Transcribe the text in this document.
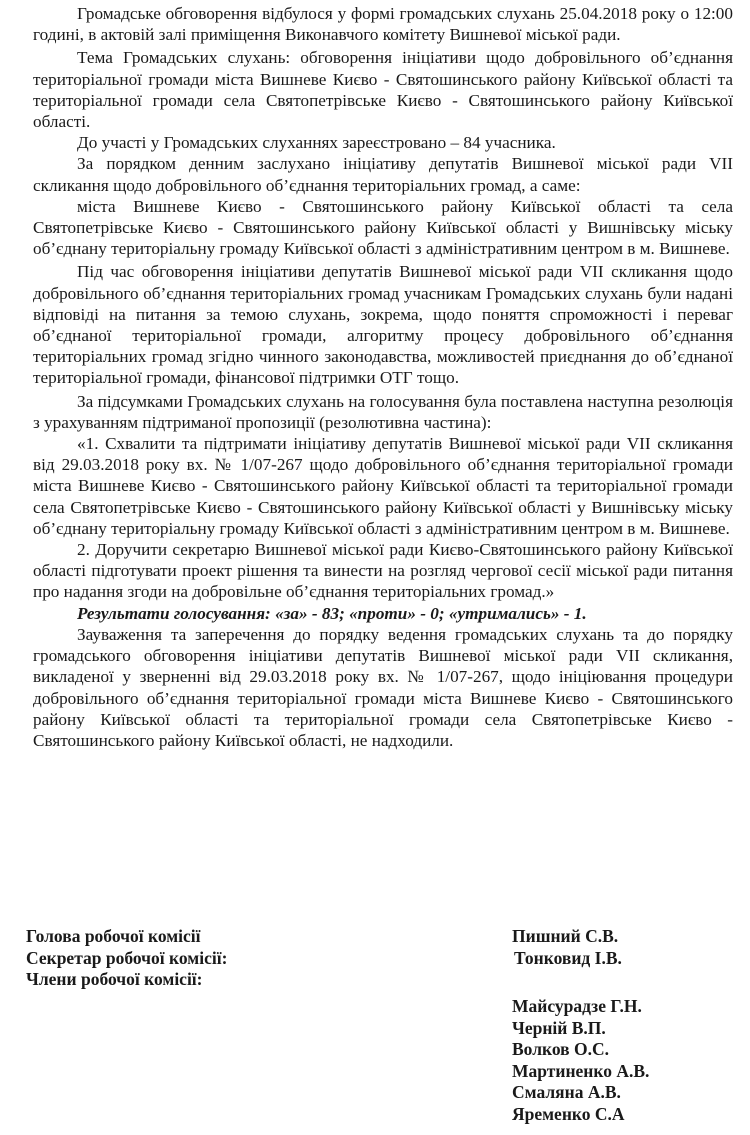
Громадське обговорення відбулося у формі громадських слухань 25.04.2018 року о 12:00 годині, в актовій залі приміщення Виконавчого комітету Вишневої міської ради.

Тема Громадських слухань: обговорення ініціативи щодо добровільного об’єднання територіальної громади міста Вишневе Києво - Святошинського району Київської області та територіальної громади села Святопетрівське Києво - Святошинського району Київської області.

До участі у Громадських слуханнях зареєстровано – 84 учасника.

За порядком денним заслухано ініціативу депутатів Вишневої міської ради VII скликання щодо добровільного об’єднання територіальних громад, а саме:

міста Вишневе Києво - Святошинського району Київської області та села Святопетрівське Києво - Святошинського району Київської області у Вишнівську міську об’єднану територіальну громаду Київської області з адміністративним центром в м. Вишневе.

Під час обговорення ініціативи депутатів Вишневої міської ради VII скликання щодо добровільного об’єднання територіальних громад учасникам Громадських слухань були надані відповіді на питання за темою слухань, зокрема, щодо поняття спроможності і переваг об’єднаної територіальної громади, алгоритму процесу добровільного об’єднання територіальних громад згідно чинного законодавства, можливостей приєднання до об’єднаної територіальної громади, фінансової підтримки ОТГ тощо.

За підсумками Громадських слухань на голосування була поставлена наступна резолюція з урахуванням підтриманої пропозиції (резолютивна частина):

«1. Схвалити та підтримати ініціативу депутатів Вишневої міської ради VII скликання від 29.03.2018 року вх. № 1/07-267 щодо добровільного об’єднання територіальної громади міста Вишневе Києво - Святошинського району Київської області та територіальної громади села Святопетрівське Києво - Святошинського району Київської області у Вишнівську міську об’єднану територіальну громаду Київської області з адміністративним центром в м. Вишневе.

2. Доручити секретарю Вишневої міської ради Києво-Святошинського району Київської області підготувати проект рішення та винести на розгляд чергової сесії міської ради питання про надання згоди на добровільне об’єднання територіальних громад.»

Результати голосування: «за» - 83; «проти» - 0; «утримались» - 1.

Зауваження та заперечення до порядку ведення громадських слухань та до порядку громадського обговорення ініціативи депутатів Вишневої міської ради VII скликання, викладеної у зверненні від 29.03.2018 року вх. № 1/07-267, щодо ініціювання процедури добровільного об’єднання територіальної громади міста Вишневе Києво - Святошинського району Київської області та територіальної громади села Святопетрівське Києво - Святошинського району Київської області, не надходили.

Голова робочої комісії
Секретар робочої комісії:
Члени робочої комісії:
Пишний С.В.
Тонковид І.В.
Майсурадзе Г.Н.
Черній В.П.
Волков О.С.
Мартиненко А.В.
Смаляна А.В.
Яременко С.А
